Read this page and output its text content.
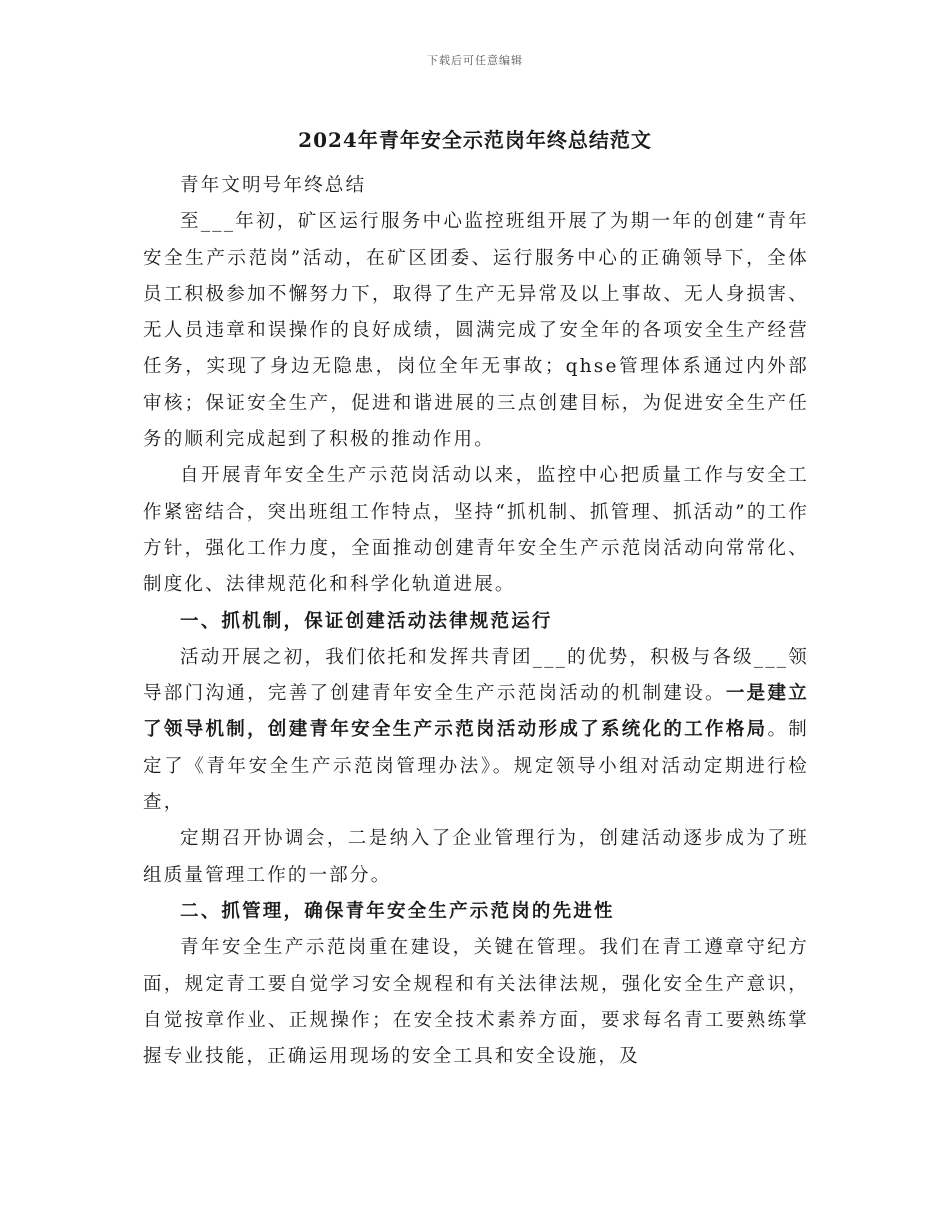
下载后可任意编辑
2024年青年安全示范岗年终总结范文

青年文明号年终总结

至___年初，矿区运行服务中心监控班组开展了为期一年的创建“青年安全生产示范岗”活动，在矿区团委、运行服务中心的正确领导下，全体员工积极参加不懈努力下，取得了生产无异常及以上事故、无人身损害、无人员违章和误操作的良好成绩，圆满完成了安全年的各项安全生产经营任务，实现了身边无隐患，岗位全年无事故；qhse管理体系通过内外部审核；保证安全生产，促进和谐进展的三点创建目标，为促进安全生产任务的顺利完成起到了积极的推动作用。

自开展青年安全生产示范岗活动以来，监控中心把质量工作与安全工作紧密结合，突出班组工作特点，坚持“抓机制、抓管理、抓活动”的工作方针，强化工作力度，全面推动创建青年安全生产示范岗活动向常常化、制度化、法律规范化和科学化轨道进展。

一、抓机制，保证创建活动法律规范运行

活动开展之初，我们依托和发挥共青团___的优势，积极与各级___领导部门沟通，完善了创建青年安全生产示范岗活动的机制建设。一是建立了领导机制，创建青年安全生产示范岗活动形成了系统化的工作格局。制定了《青年安全生产示范岗管理办法》。规定领导小组对活动定期进行检查，

定期召开协调会，二是纳入了企业管理行为，创建活动逐步成为了班组质量管理工作的一部分。

二、抓管理，确保青年安全生产示范岗的先进性

青年安全生产示范岗重在建设，关键在管理。我们在青工遵章守纪方面，规定青工要自觉学习安全规程和有关法律法规，强化安全生产意识，自觉按章作业、正规操作；在安全技术素养方面，要求每名青工要熟练掌握专业技能，正确运用现场的安全工具和安全设施，及
